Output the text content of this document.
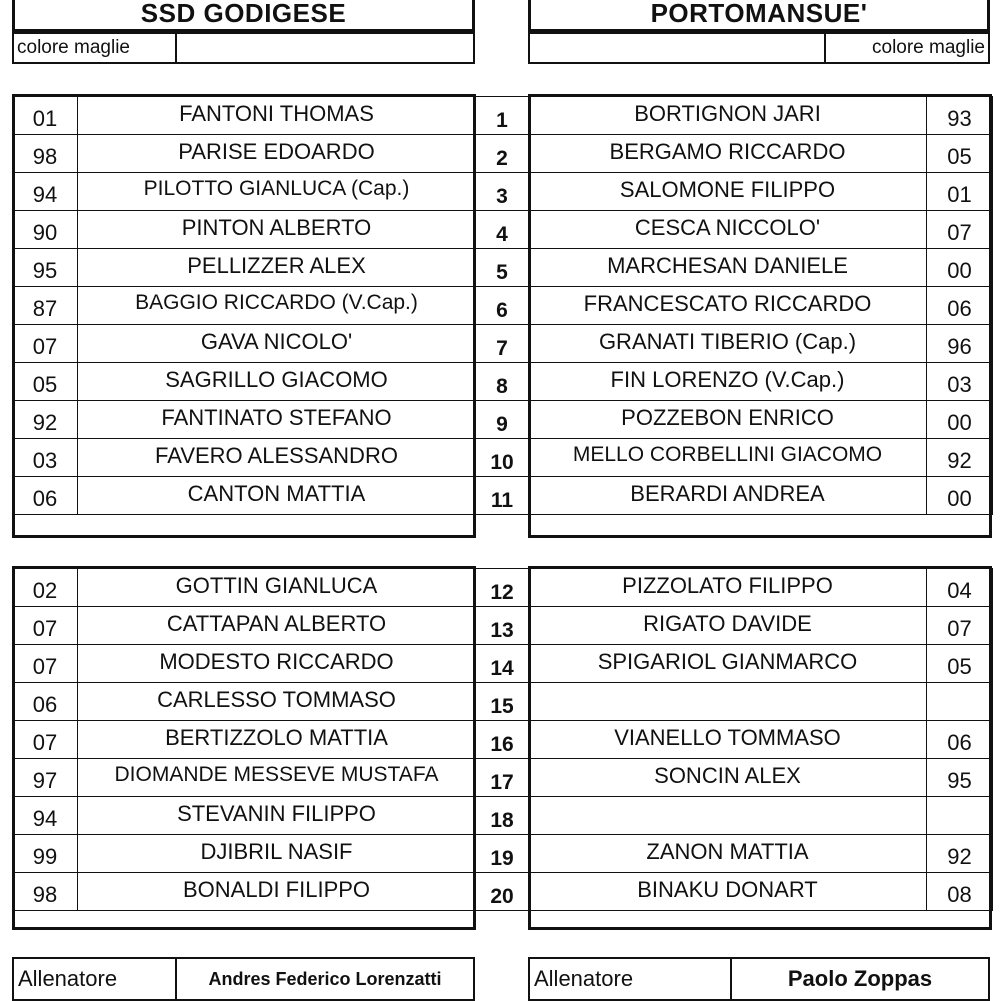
SSD GODIGESE
colore maglie
PORTOMANSUE'
colore maglie
01	FANTONI THOMAS	1	BORTIGNON JARI	93
98	PARISE EDOARDO	2	BERGAMO RICCARDO	05
94	PILOTTO GIANLUCA (Cap.)	3	SALOMONE FILIPPO	01
90	PINTON ALBERTO	4	CESCA NICCOLO'	07
95	PELLIZZER ALEX	5	MARCHESAN DANIELE	00
87	BAGGIO RICCARDO (V.Cap.)	6	FRANCESCATO RICCARDO	06
07	GAVA NICOLO'	7	GRANATI TIBERIO (Cap.)	96
05	SAGRILLO GIACOMO	8	FIN LORENZO (V.Cap.)	03
92	FANTINATO STEFANO	9	POZZEBON ENRICO	00
03	FAVERO ALESSANDRO	10	MELLO CORBELLINI GIACOMO	92
06	CANTON MATTIA	11	BERARDI ANDREA	00
02	GOTTIN GIANLUCA	12	PIZZOLATO FILIPPO	04
07	CATTAPAN ALBERTO	13	RIGATO DAVIDE	07
07	MODESTO RICCARDO	14	SPIGARIOL GIANMARCO	05
06	CARLESSO TOMMASO	15		
07	BERTIZZOLO MATTIA	16	VIANELLO TOMMASO	06
97	DIOMANDE MESSEVE MUSTAFA	17	SONCIN ALEX	95
94	STEVANIN FILIPPO	18		
99	DJIBRIL NASIF	19	ZANON MATTIA	92
98	BONALDI FILIPPO	20	BINAKU DONART	08
Allenatore	Andres Federico Lorenzatti	Allenatore	Paolo Zoppas
